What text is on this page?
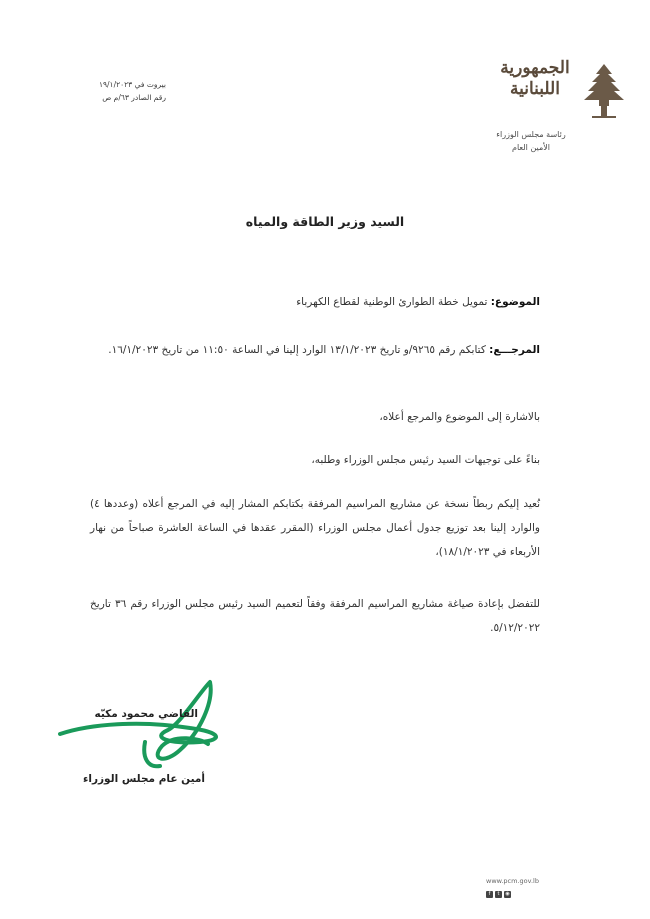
الجمهورية اللبنانية
رئاسة مجلس الوزراء
الأمين العام
بيروت في ١٩/١/٢٠٢٣
رقم الصادر ٦٣/م ص
السيد وزير الطاقة والمياه
الموضوع: تمويل خطة الطوارئ الوطنية لقطاع الكهرباء
المرجـــع: كتابكم رقم ٩٢٦٥/و تاريخ ١٣/١/٢٠٢٣ الوارد إلينا في الساعة ١١:٥٠ من تاريخ ١٦/١/٢٠٢٣.
بالاشارة إلى الموضوع والمرجع أعلاه،
بناءً على توجيهات السيد رئيس مجلس الوزراء وطلبه،
نُعيد إليكم ربطاً نسخة عن مشاريع المراسيم المرفقة بكتابكم المشار إليه في المرجع أعلاه (وعددها ٤) والوارد إلينا بعد توزيع جدول أعمال مجلس الوزراء (المقرر عقدها في الساعة العاشرة صباحاً من نهار الأربعاء في ١٨/١/٢٠٢٣)،
للتفضل بإعادة صياغة مشاريع المراسيم المرفقة وفقاً لتعميم السيد رئيس مجلس الوزراء رقم ٣٦ تاريخ ٥/١٢/٢٠٢٢.
القاضي محمود مكيّه
أمين عام مجلس الوزراء
www.pcm.gov.lb
f	t	◉
